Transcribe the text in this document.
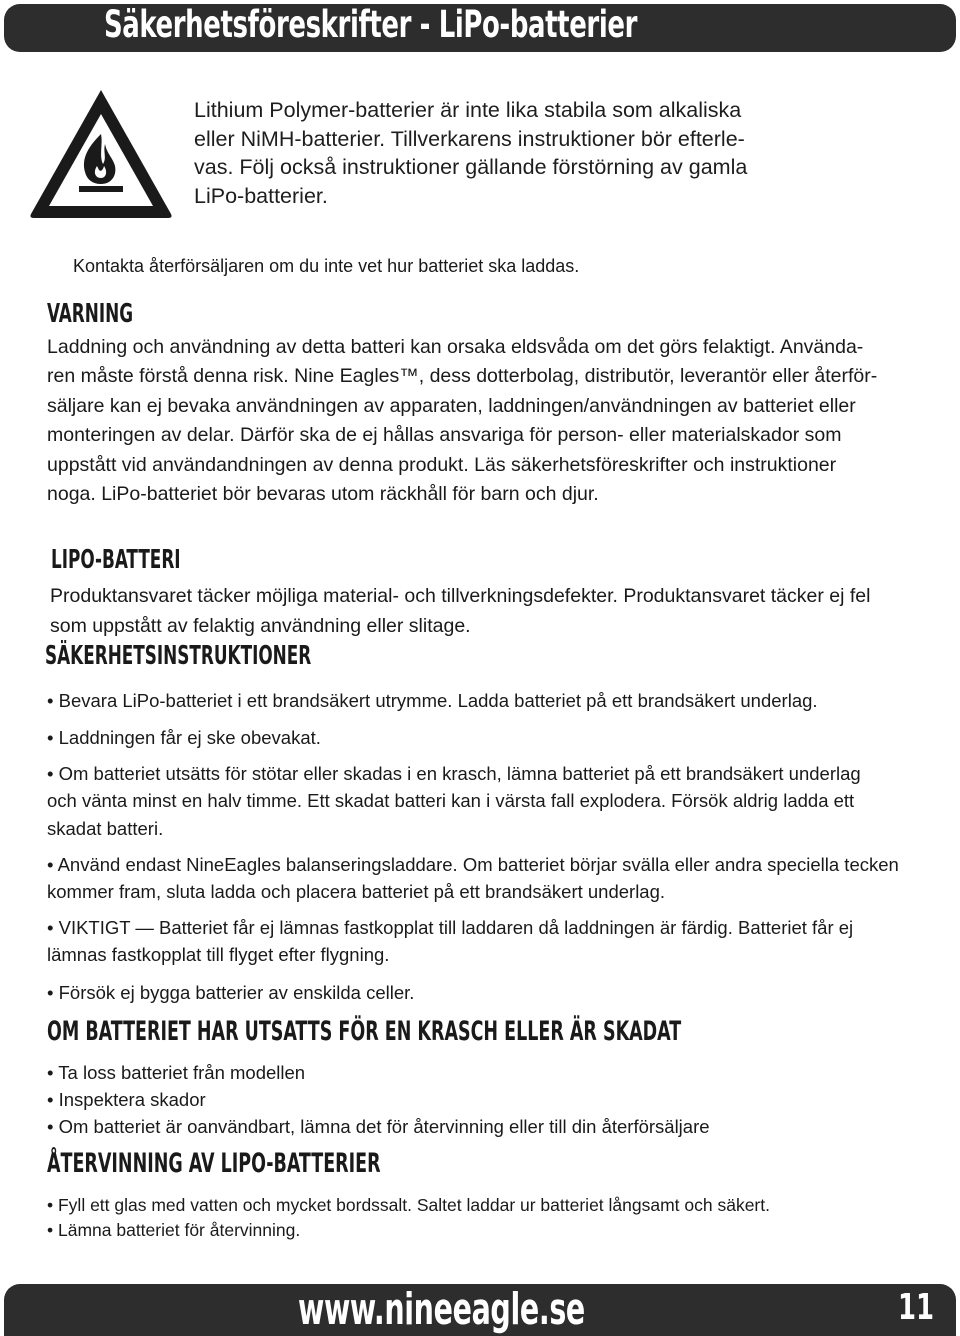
Säkerhetsföreskrifter - LiPo-batterier
Lithium Polymer-batterier är inte lika stabila som alkaliska
eller NiMH-batterier. Tillverkarens instruktioner bör efterle-
vas. Följ också instruktioner gällande förstörning av gamla
LiPo-batterier.
Kontakta återförsäljaren om du inte vet hur batteriet ska laddas.
VARNING
Laddning och användning av detta batteri kan orsaka eldsvåda om det görs felaktigt. Använda-
ren måste förstå denna risk. Nine Eagles™, dess dotterbolag, distributör, leverantör eller återför-
säljare kan ej bevaka användningen av apparaten, laddningen/användningen av batteriet eller
monteringen av delar. Därför ska de ej hållas ansvariga för person- eller materialskador som
uppstått vid användandningen av denna produkt. Läs säkerhetsföreskrifter och instruktioner
noga. LiPo-batteriet bör bevaras utom räckhåll för barn och djur.
LIPO-BATTERI
Produktansvaret täcker möjliga material- och tillverkningsdefekter. Produktansvaret täcker ej fel
som uppstått av felaktig användning eller slitage.
SÄKERHETSINSTRUKTIONER
• Bevara LiPo-batteriet i ett brandsäkert utrymme. Ladda batteriet på ett brandsäkert underlag.
• Laddningen får ej ske obevakat.
• Om batteriet utsätts för stötar eller skadas i en krasch, lämna batteriet på ett brandsäkert underlag
och vänta minst en halv timme. Ett skadat batteri kan i värsta fall explodera. Försök aldrig ladda ett
skadat batteri.
• Använd endast NineEagles balanseringsladdare. Om batteriet börjar svälla eller andra speciella tecken
kommer fram, sluta ladda och placera batteriet på ett brandsäkert underlag.
• VIKTIGT — Batteriet får ej lämnas fastkopplat till laddaren då laddningen är färdig. Batteriet får ej
lämnas fastkopplat till flyget efter flygning.
• Försök ej bygga batterier av enskilda celler.
OM BATTERIET HAR UTSATTS FÖR EN KRASCH ELLER ÄR SKADAT
• Ta loss batteriet från modellen
• Inspektera skador
• Om batteriet är oanvändbart, lämna det för återvinning eller till din återförsäljare
ÅTERVINNING AV LIPO-BATTERIER
• Fyll ett glas med vatten och mycket bordssalt. Saltet laddar ur batteriet långsamt och säkert.
• Lämna batteriet för återvinning.
www.nineeagle.se	11
